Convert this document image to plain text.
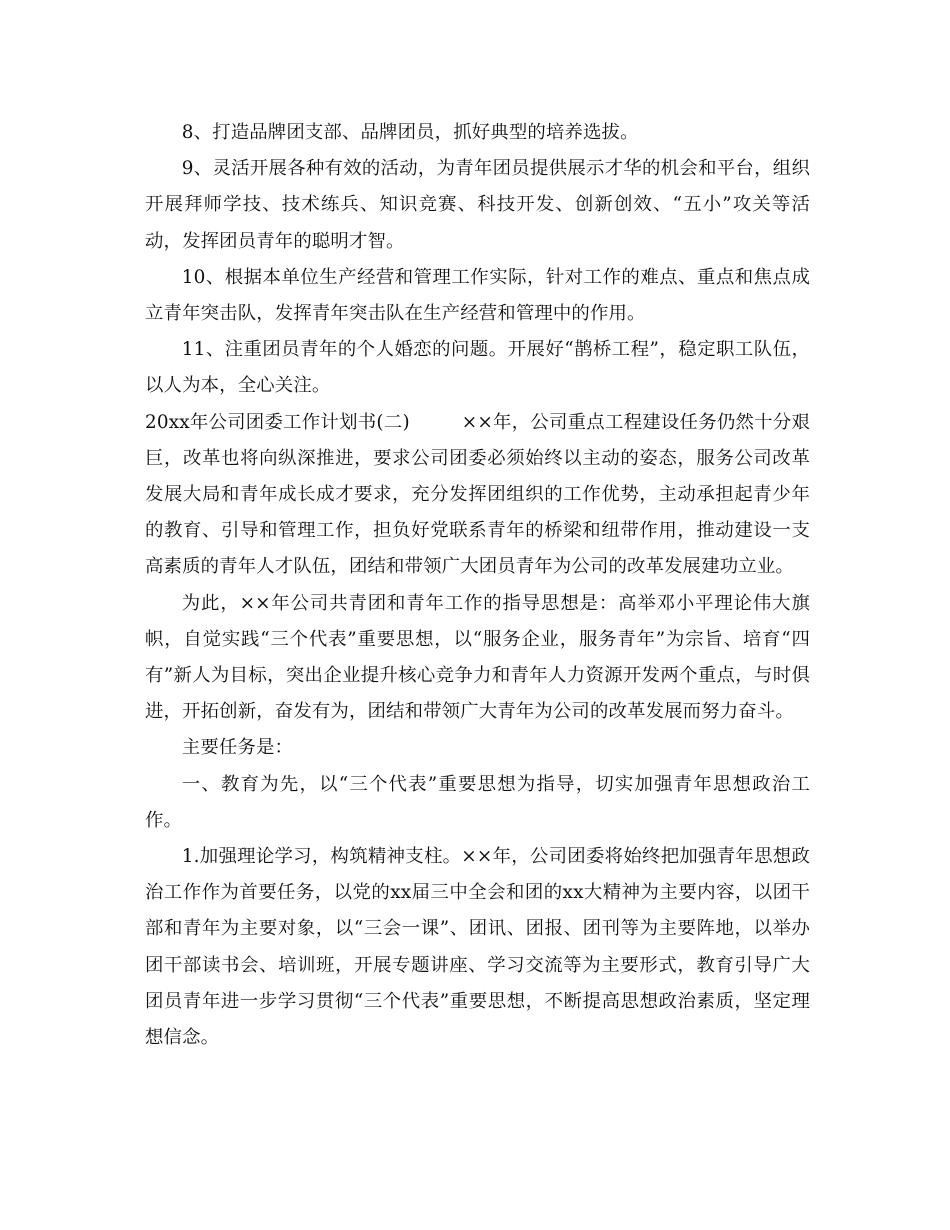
8、打造品牌团支部、品牌团员，抓好典型的培养选拔。

9、灵活开展各种有效的活动，为青年团员提供展示才华的机会和平台，组织开展拜师学技、技术练兵、知识竞赛、科技开发、创新创效、“五小”攻关等活动，发挥团员青年的聪明才智。

10、根据本单位生产经营和管理工作实际，针对工作的难点、重点和焦点成立青年突击队，发挥青年突击队在生产经营和管理中的作用。

11、注重团员青年的个人婚恋的问题。开展好“鹊桥工程”，稳定职工队伍，以人为本，全心关注。

20xx年公司团委工作计划书(二)	××年，公司重点工程建设任务仍然十分艰巨，改革也将向纵深推进，要求公司团委必须始终以主动的姿态，服务公司改革发展大局和青年成长成才要求，充分发挥团组织的工作优势，主动承担起青少年的教育、引导和管理工作，担负好党联系青年的桥梁和纽带作用，推动建设一支高素质的青年人才队伍，团结和带领广大团员青年为公司的改革发展建功立业。

为此，××年公司共青团和青年工作的指导思想是：高举邓小平理论伟大旗帜，自觉实践“三个代表”重要思想，以“服务企业，服务青年”为宗旨、培育“四有”新人为目标，突出企业提升核心竞争力和青年人力资源开发两个重点，与时俱进，开拓创新，奋发有为，团结和带领广大青年为公司的改革发展而努力奋斗。

主要任务是：

一、教育为先，以“三个代表”重要思想为指导，切实加强青年思想政治工作。

1.加强理论学习，构筑精神支柱。××年，公司团委将始终把加强青年思想政治工作作为首要任务，以党的xx届三中全会和团的xx大精神为主要内容，以团干部和青年为主要对象，以“三会一课”、团讯、团报、团刊等为主要阵地，以举办团干部读书会、培训班，开展专题讲座、学习交流等为主要形式，教育引导广大团员青年进一步学习贯彻“三个代表”重要思想，不断提高思想政治素质，坚定理想信念。
